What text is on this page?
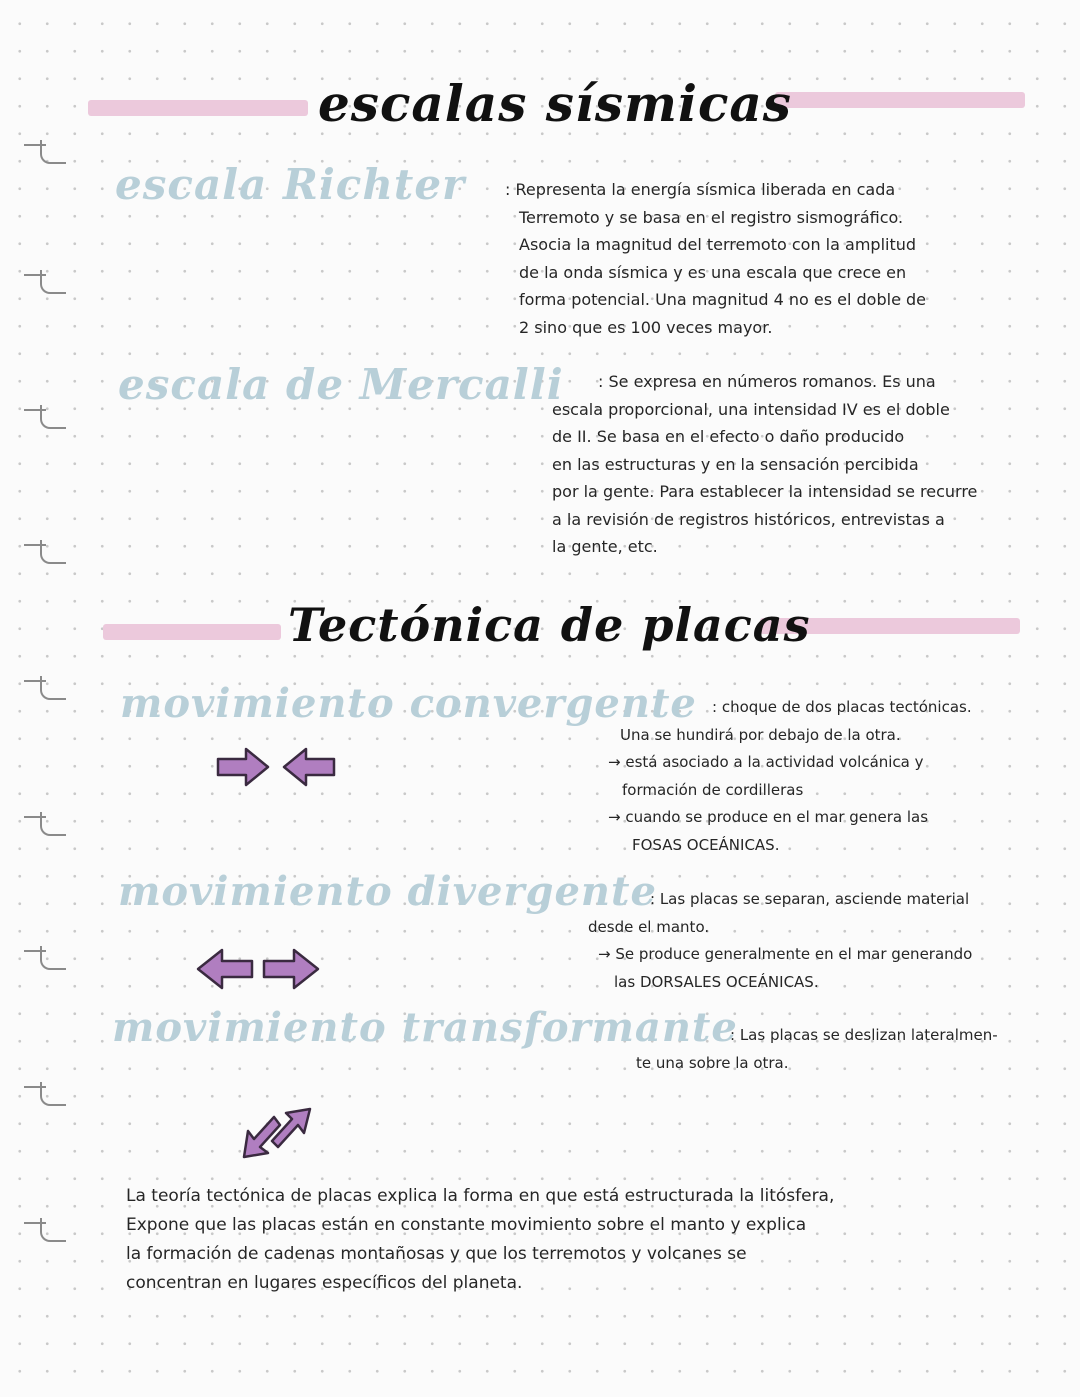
escalas sísmicas
escala Richter : Representa la energía sísmica liberada en cada
Terremoto y se basa en el registro sismográfico.
Asocia la magnitud del terremoto con la amplitud
de la onda sísmica y es una escala que crece en
forma potencial. Una magnitud 4 no es el doble de
2 sino que es 100 veces mayor.
escala de Mercalli : Se expresa en números romanos. Es una
escala proporcional, una intensidad IV es el doble
de II. Se basa en el efecto o daño producido
en las estructuras y en la sensación percibida
por la gente. Para establecer la intensidad se recurre
a la revisión de registros históricos, entrevistas a
la gente, etc.
Tectónica de placas
movimiento convergente : choque de dos placas tectónicas.
Una se hundirá por debajo de la otra.
→ está asociado a la actividad volcánica y
formación de cordilleras
→ cuando se produce en el mar genera las
FOSAS OCEÁNICAS.
movimiento divergente
: Las placas se separan, asciende material
desde el manto.
→ Se produce generalmente en el mar generando
las DORSALES OCEÁNICAS.
movimiento transformante
: Las placas se deslizan lateralmen-
te una sobre la otra.
La teoría tectónica de placas explica la forma en que está estructurada la litósfera,
Expone que las placas están en constante movimiento sobre el manto y explica
la formación de cadenas montañosas y que los terremotos y volcanes se
concentran en lugares específicos del planeta.
